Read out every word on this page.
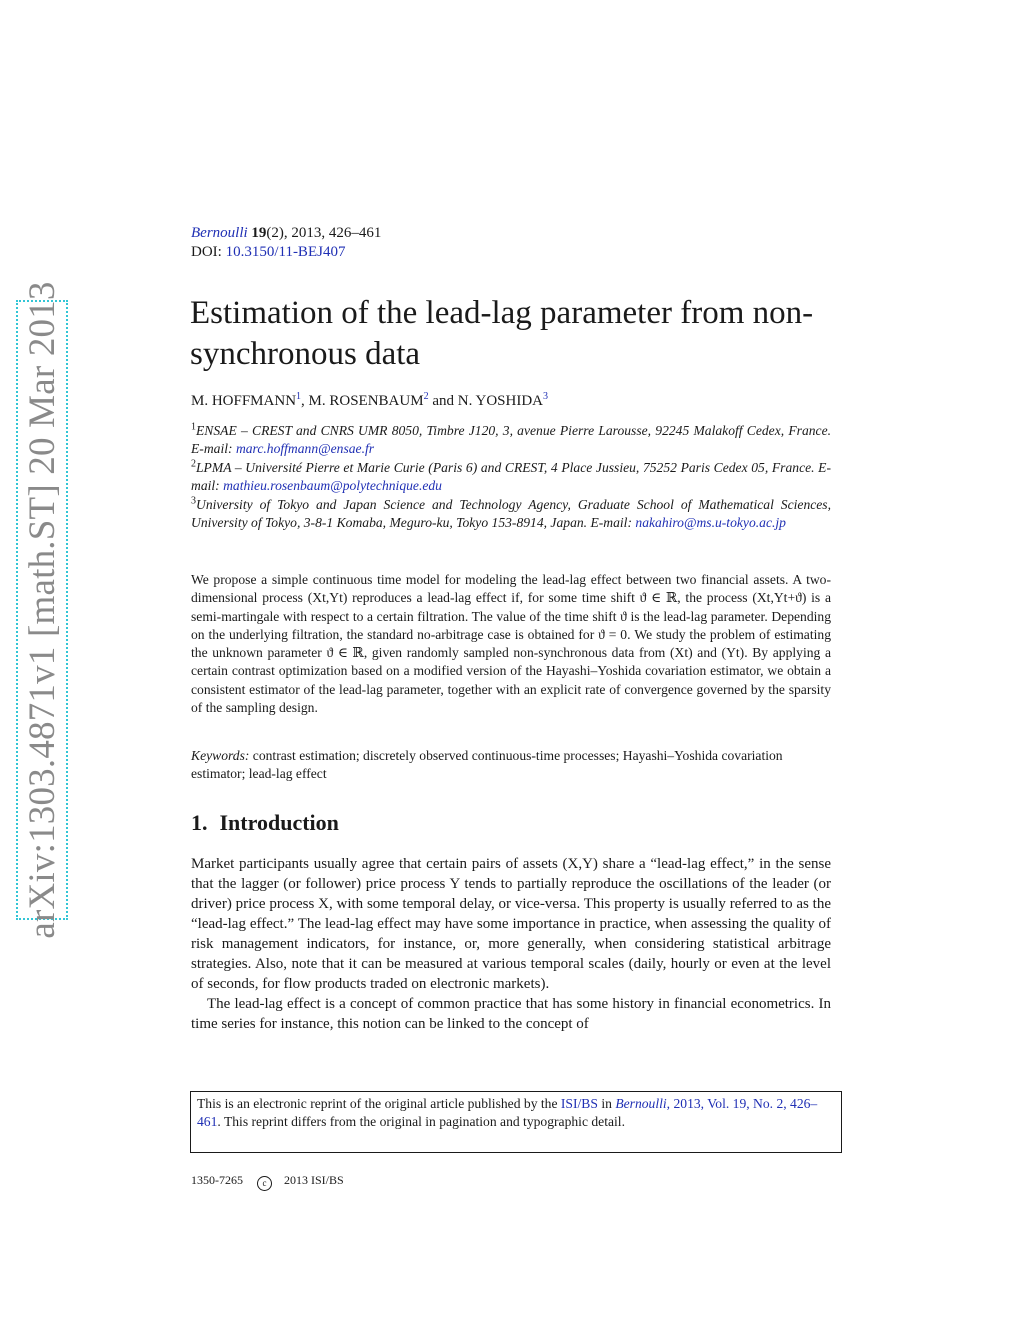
arXiv:1303.4871v1 [math.ST] 20 Mar 2013
Bernoulli 19(2), 2013, 426–461
DOI: 10.3150/11-BEJ407
Estimation of the lead-lag parameter from non-synchronous data
M. HOFFMANN$^1$, M. ROSENBAUM$^2$ and N. YOSHIDA$^3$

$^1$ENSAE – CREST and CNRS UMR 8050, Timbre J120, 3, avenue Pierre Larousse, 92245 Malakoff Cedex, France. E-mail: marc.hoffmann@ensae.fr

$^2$LPMA – Université Pierre et Marie Curie (Paris 6) and CREST, 4 Place Jussieu, 75252 Paris Cedex 05, France. E-mail: mathieu.rosenbaum@polytechnique.edu

$^3$University of Tokyo and Japan Science and Technology Agency, Graduate School of Mathematical Sciences, University of Tokyo, 3-8-1 Komaba, Meguro-ku, Tokyo 153-8914, Japan. E-mail: nakahiro@ms.u-tokyo.ac.jp

We propose a simple continuous time model for modeling the lead-lag effect between two financial assets. A two-dimensional process (Xt,Yt) reproduces a lead-lag effect if, for some time shift ϑ ∈ ℝ, the process (Xt,Yt+ϑ) is a semi-martingale with respect to a certain filtration. The value of the time shift ϑ is the lead-lag parameter. Depending on the underlying filtration, the standard no-arbitrage case is obtained for ϑ = 0. We study the problem of estimating the unknown parameter ϑ ∈ ℝ, given randomly sampled non-synchronous data from (Xt) and (Yt). By applying a certain contrast optimization based on a modified version of the Hayashi–Yoshida covariation estimator, we obtain a consistent estimator of the lead-lag parameter, together with an explicit rate of convergence governed by the sparsity of the sampling design.

Keywords: contrast estimation; discretely observed continuous-time processes; Hayashi–Yoshida covariation estimator; lead-lag effect

1. Introduction

Market participants usually agree that certain pairs of assets (X,Y) share a “lead-lag effect,” in the sense that the lagger (or follower) price process Y tends to partially reproduce the oscillations of the leader (or driver) price process X, with some temporal delay, or vice-versa. This property is usually referred to as the “lead-lag effect.” The lead-lag effect may have some importance in practice, when assessing the quality of risk management indicators, for instance, or, more generally, when considering statistical arbitrage strategies. Also, note that it can be measured at various temporal scales (daily, hourly or even at the level of seconds, for flow products traded on electronic markets).

The lead-lag effect is a concept of common practice that has some history in financial econometrics. In time series for instance, this notion can be linked to the concept of

This is an electronic reprint of the original article published by the ISI/BS in Bernoulli, 2013, Vol. 19, No. 2, 426–461. This reprint differs from the original in pagination and typographic detail.
1350-7265 c 2013 ISI/BS
